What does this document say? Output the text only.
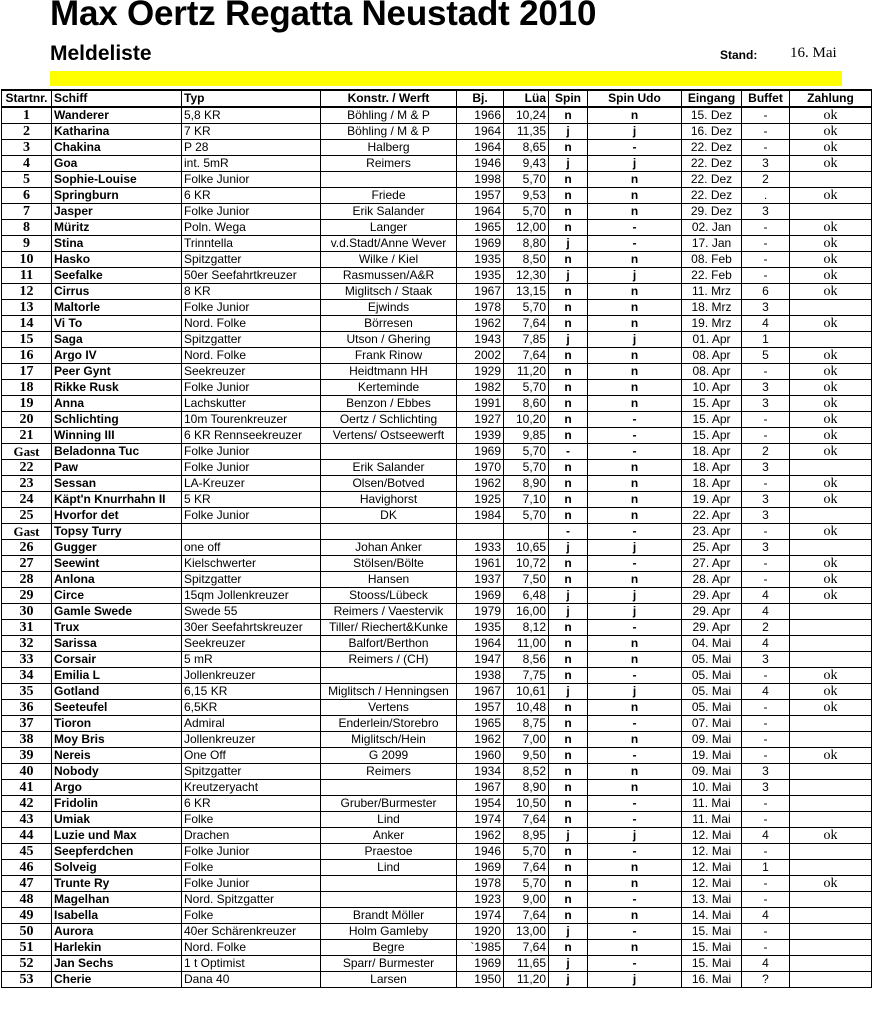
Max Oertz Regatta Neustadt 2010
Meldeliste	Stand: 16. Mai
Startnr.	Schiff	Typ	Konstr. / Werft	Bj.	Lüa	Spin	Spin Udo	Eingang	Buffet	Zahlung
1	Wanderer	5,8 KR	Böhling / M & P	1966	10,24	n	n	15. Dez	-	ok
2	Katharina	7 KR	Böhling / M & P	1964	11,35	j	j	16. Dez	-	ok
3	Chakina	P 28	Halberg	1964	8,65	n	-	22. Dez	-	ok
4	Goa	int. 5mR	Reimers	1946	9,43	j	j	22. Dez	3	ok
5	Sophie-Louise	Folke Junior		1998	5,70	n	n	22. Dez	2	
6	Springburn	6 KR	Friede	1957	9,53	n	n	22. Dez	.	ok
7	Jasper	Folke Junior	Erik Salander	1964	5,70	n	n	29. Dez	3	
8	Müritz	Poln. Wega	Langer	1965	12,00	n	-	02. Jan	-	ok
9	Stina	Trinntella	v.d.Stadt/Anne Wever	1969	8,80	j	-	17. Jan	-	ok
10	Hasko	Spitzgatter	Wilke / Kiel	1935	8,50	n	n	08. Feb	-	ok
11	Seefalke	50er Seefahrtkreuzer	Rasmussen/A&R	1935	12,30	j	j	22. Feb	-	ok
12	Cirrus	8 KR	Miglitsch / Staak	1967	13,15	n	n	11. Mrz	6	ok
13	Maltorle	Folke Junior	Ejwinds	1978	5,70	n	n	18. Mrz	3	
14	Vi To	Nord. Folke	Börresen	1962	7,64	n	n	19. Mrz	4	ok
15	Saga	Spitzgatter	Utson / Ghering	1943	7,85	j	j	01. Apr	1	
16	Argo IV	Nord. Folke	Frank Rinow	2002	7,64	n	n	08. Apr	5	ok
17	Peer Gynt	Seekreuzer	Heidtmann HH	1929	11,20	n	n	08. Apr	-	ok
18	Rikke Rusk	Folke Junior	Kerteminde	1982	5,70	n	n	10. Apr	3	ok
19	Anna	Lachskutter	Benzon / Ebbes	1991	8,60	n	n	15. Apr	3	ok
20	Schlichting	10m Tourenkreuzer	Oertz / Schlichting	1927	10,20	n	-	15. Apr	-	ok
21	Winning III	6 KR Rennseekreuzer	Vertens/ Ostseewerft	1939	9,85	n	-	15. Apr	-	ok
Gast	Beladonna Tuc	Folke Junior		1969	5,70	-	-	18. Apr	2	ok
22	Paw	Folke Junior	Erik Salander	1970	5,70	n	n	18. Apr	3	
23	Sessan	LA-Kreuzer	Olsen/Botved	1962	8,90	n	n	18. Apr	-	ok
24	Käpt'n Knurrhahn II	5 KR	Havighorst	1925	7,10	n	n	19. Apr	3	ok
25	Hvorfor det	Folke Junior	DK	1984	5,70	n	n	22. Apr	3	
Gast	Topsy Turry					-	-	23. Apr	-	ok
26	Gugger	one off	Johan Anker	1933	10,65	j	j	25. Apr	3	
27	Seewint	Kielschwerter	Stölsen/Bölte	1961	10,72	n	-	27. Apr	-	ok
28	Anlona	Spitzgatter	Hansen	1937	7,50	n	n	28. Apr	-	ok
29	Circe	15qm Jollenkreuzer	Stooss/Lübeck	1969	6,48	j	j	29. Apr	4	ok
30	Gamle Swede	Swede 55	Reimers / Vaestervik	1979	16,00	j	j	29. Apr	4	
31	Trux	30er Seefahrtskreuzer	Tiller/ Riechert&Kunke	1935	8,12	n	-	29. Apr	2	
32	Sarissa	Seekreuzer	Balfort/Berthon	1964	11,00	n	n	04. Mai	4	
33	Corsair	5 mR	Reimers / (CH)	1947	8,56	n	n	05. Mai	3	
34	Emilia L	Jollenkreuzer		1938	7,75	n	-	05. Mai	-	ok
35	Gotland	6,15 KR	Miglitsch / Henningsen	1967	10,61	j	j	05. Mai	4	ok
36	Seeteufel	6,5KR	Vertens	1957	10,48	n	n	05. Mai	-	ok
37	Tioron	Admiral	Enderlein/Storebro	1965	8,75	n	-	07. Mai	-	
38	Moy Bris	Jollenkreuzer	Miglitsch/Hein	1962	7,00	n	n	09. Mai	-	
39	Nereis	One Off	G 2099	1960	9,50	n	-	19. Mai	-	ok
40	Nobody	Spitzgatter	Reimers	1934	8,52	n	n	09. Mai	3	
41	Argo	Kreutzeryacht		1967	8,90	n	n	10. Mai	3	
42	Fridolin	6 KR	Gruber/Burmester	1954	10,50	n	-	11. Mai	-	
43	Umiak	Folke	Lind	1974	7,64	n	-	11. Mai	-	
44	Luzie und Max	Drachen	Anker	1962	8,95	j	j	12. Mai	4	ok
45	Seepferdchen	Folke Junior	Praestoe	1946	5,70	n	-	12. Mai	-	
46	Solveig	Folke	Lind	1969	7,64	n	n	12. Mai	1	
47	Trunte Ry	Folke Junior		1978	5,70	n	n	12. Mai	-	ok
48	Magelhan	Nord. Spitzgatter		1923	9,00	n	-	13. Mai	-	
49	Isabella	Folke	Brandt Möller	1974	7,64	n	n	14. Mai	4	
50	Aurora	40er Schärenkreuzer	Holm Gamleby	1920	13,00	j	-	15. Mai	-	
51	Harlekin	Nord. Folke	Begre	`1985	7,64	n	n	15. Mai	-	
52	Jan Sechs	1 t Optimist	Sparr/ Burmester	1969	11,65	j	-	15. Mai	4	
53	Cherie	Dana 40	Larsen	1950	11,20	j	j	16. Mai	?	
